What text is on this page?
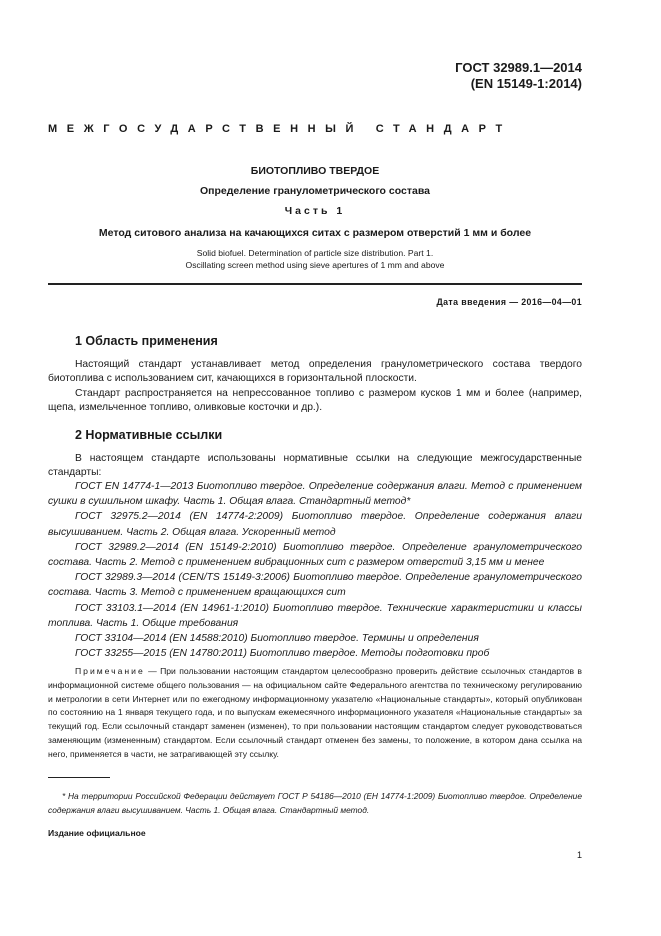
ГОСТ 32989.1—2014
(EN 15149-1:2014)
МЕЖГОСУДАРСТВЕННЫЙ СТАНДАРТ
БИОТОПЛИВО ТВЕРДОЕ
Определение гранулометрического состава
Часть 1
Метод ситового анализа на качающихся ситах с размером отверстий 1 мм и более
Solid biofuel. Determination of particle size distribution. Part 1.
Oscillating screen method using sieve apertures of 1 mm and above
Дата введения — 2016—04—01
1 Область применения

Настоящий стандарт устанавливает метод определения гранулометрического состава твердого биотоплива с использованием сит, качающихся в горизонтальной плоскости.

Стандарт распространяется на непрессованное топливо с размером кусков 1 мм и более (например, щепа, измельченное топливо, оливковые косточки и др.).

2 Нормативные ссылки

В настоящем стандарте использованы нормативные ссылки на следующие межгосударственные стандарты:

ГОСТ EN 14774-1—2013 Биотопливо твердое. Определение содержания влаги. Метод с применением сушки в сушильном шкафу. Часть 1. Общая влага. Стандартный метод*

ГОСТ 32975.2—2014 (EN 14774-2:2009) Биотопливо твердое. Определение содержания влаги высушиванием. Часть 2. Общая влага. Ускоренный метод

ГОСТ 32989.2—2014 (EN 15149-2:2010) Биотопливо твердое. Определение гранулометрического состава. Часть 2. Метод с применением вибрационных сит с размером отверстий 3,15 мм и менее

ГОСТ 32989.3—2014 (CEN/TS 15149-3:2006) Биотопливо твердое. Определение гранулометрического состава. Часть 3. Метод с применением вращающихся сит

ГОСТ 33103.1—2014 (EN 14961-1:2010) Биотопливо твердое. Технические характеристики и классы топлива. Часть 1. Общие требования

ГОСТ 33104—2014 (EN 14588:2010) Биотопливо твердое. Термины и определения

ГОСТ 33255—2015 (EN 14780:2011) Биотопливо твердое. Методы подготовки проб

Примечание — При пользовании настоящим стандартом целесообразно проверить действие ссылочных стандартов в информационной системе общего пользования — на официальном сайте Федерального агентства по техническому регулированию и метрологии в сети Интернет или по ежегодному информационному указателю «Национальные стандарты», который опубликован по состоянию на 1 января текущего года, и по выпускам ежемесячного информационного указателя «Национальные стандарты» за текущий год. Если ссылочный стандарт заменен (изменен), то при пользовании настоящим стандартом следует руководствоваться заменяющим (измененным) стандартом. Если ссылочный стандарт отменен без замены, то положение, в котором дана ссылка на него, применяется в части, не затрагивающей эту ссылку.

* На территории Российской Федерации действует ГОСТ Р 54186—2010 (ЕН 14774-1:2009) Биотопливо твердое. Определение содержания влаги высушиванием. Часть 1. Общая влага. Стандартный метод.

Издание официальное
1
